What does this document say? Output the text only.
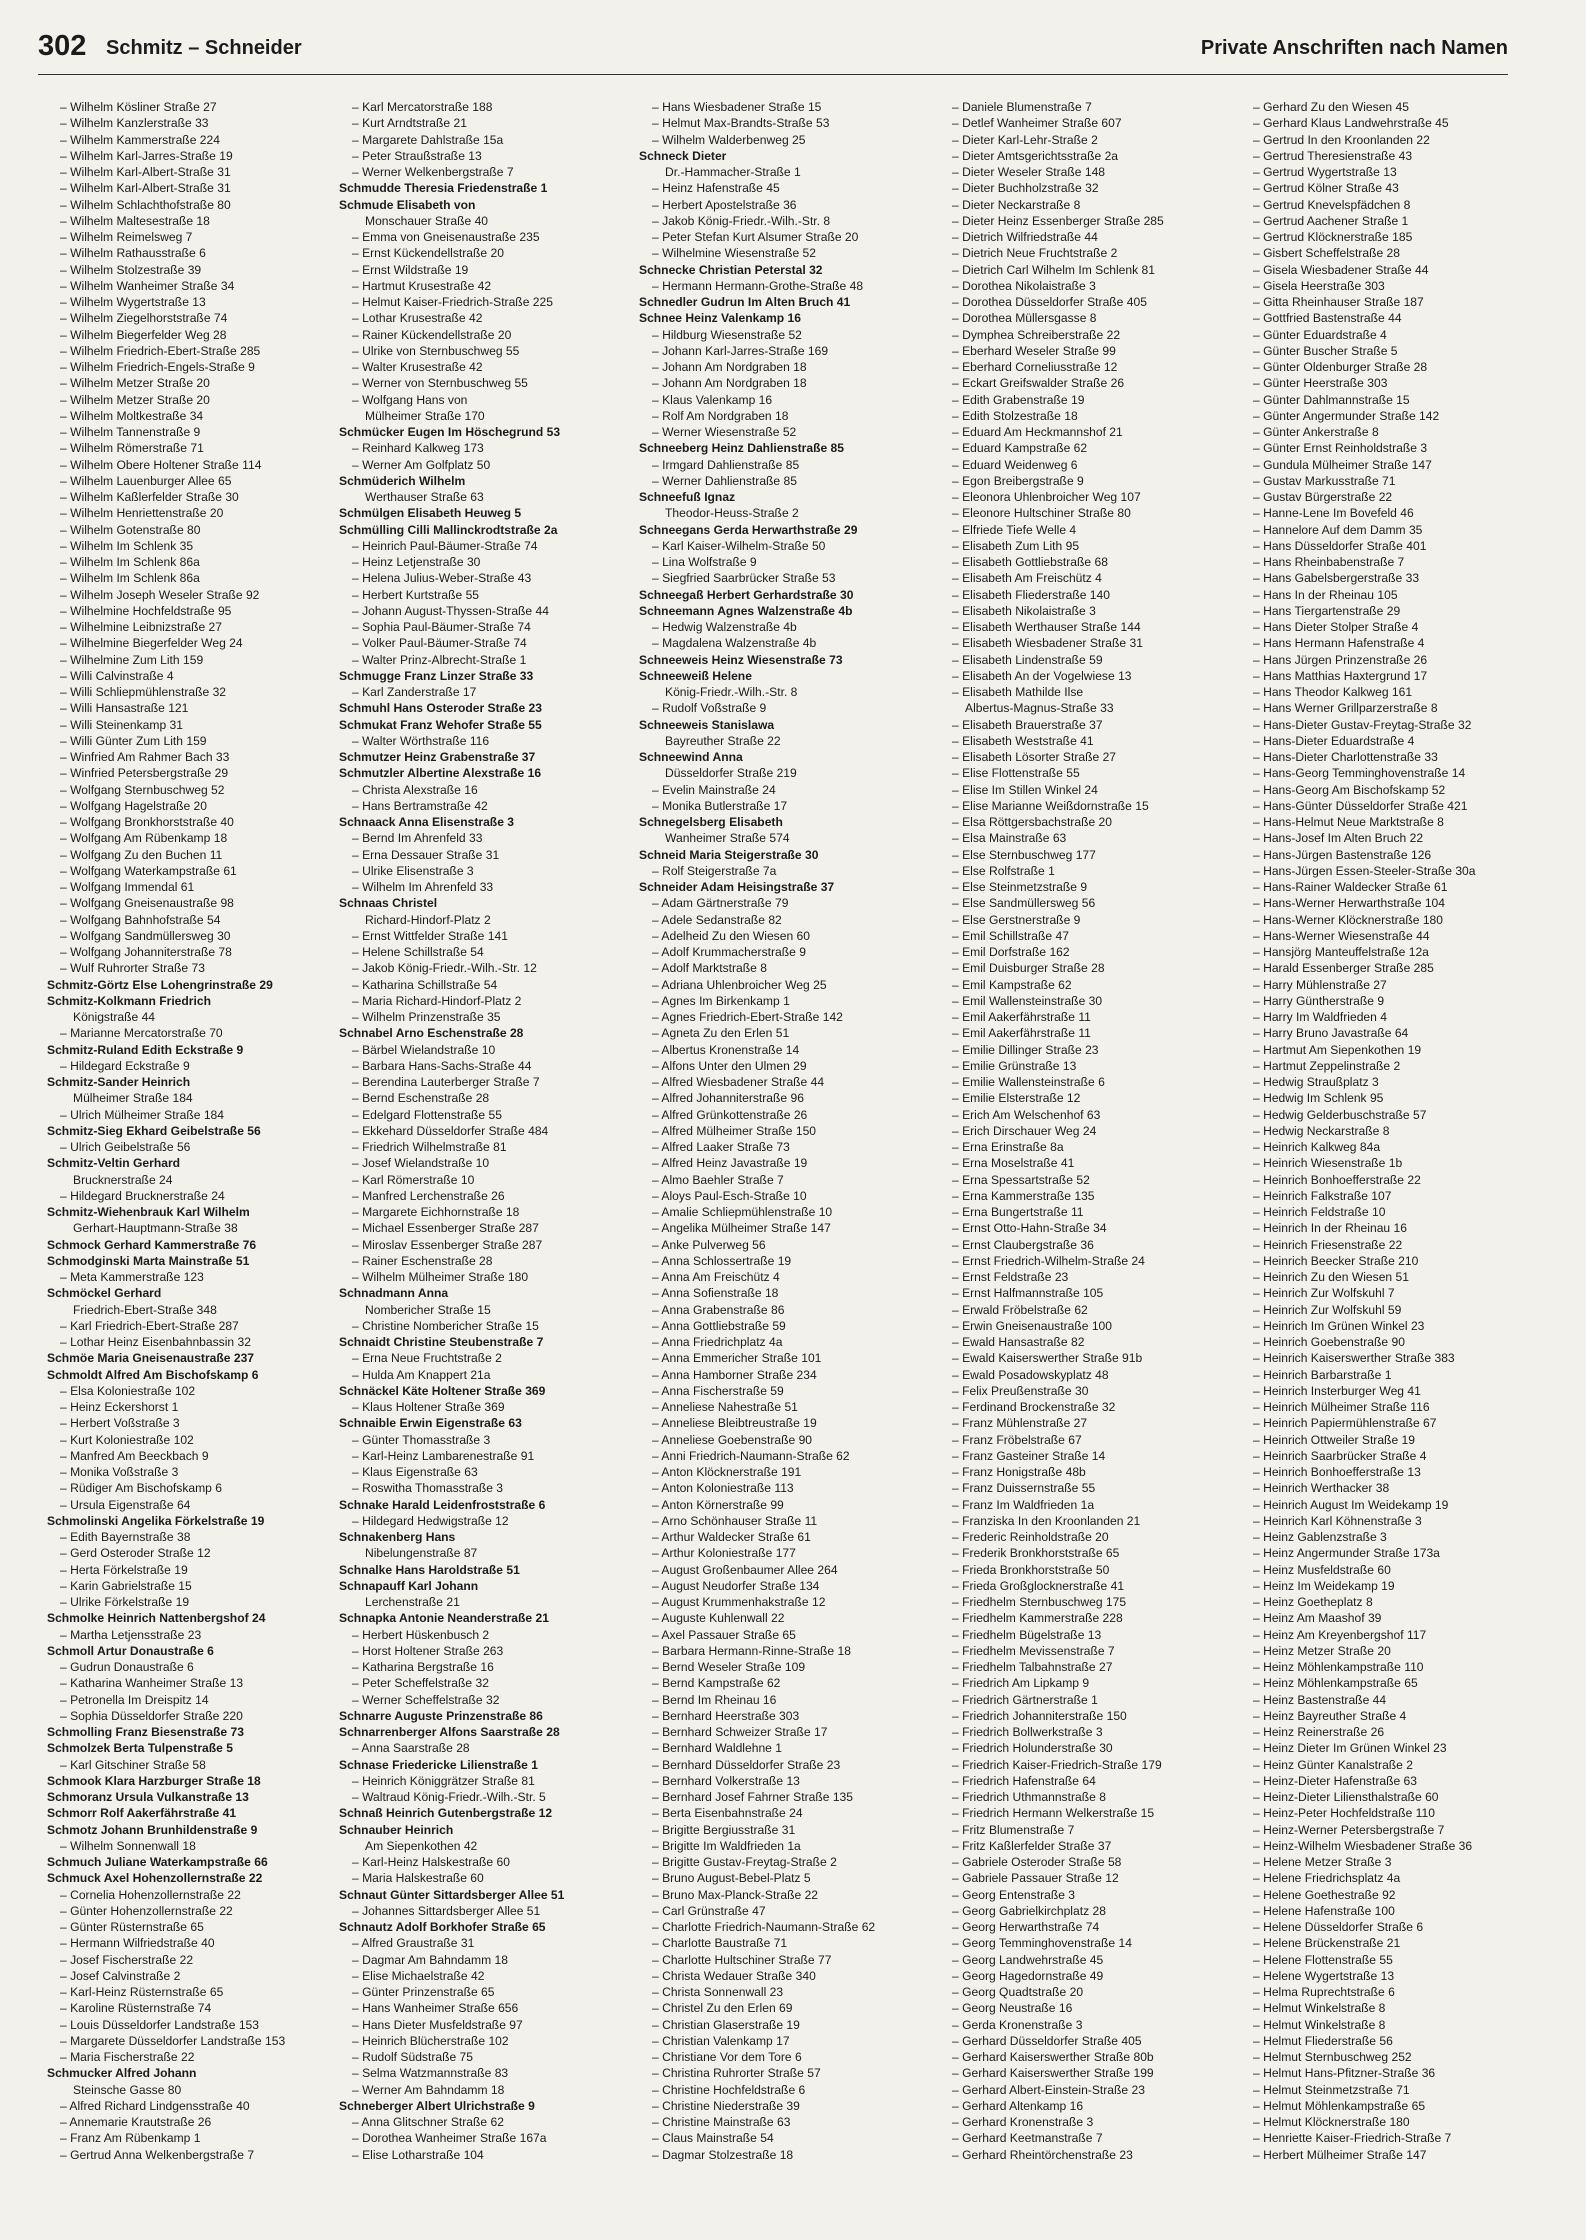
302 Schmitz – Schneider	Private Anschriften nach Namen
– Wilhelm Kösliner Straße 27
– Wilhelm Kanzlerstraße 33
– Wilhelm Kammerstraße 224
– Wilhelm Karl-Jarres-Straße 19
– Wilhelm Karl-Albert-Straße 31
– Wilhelm Karl-Albert-Straße 31
– Wilhelm Schlachthofstraße 80
– Wilhelm Maltesestraße 18
– Wilhelm Reimelsweg 7
– Wilhelm Rathausstraße 6
– Wilhelm Stolzestraße 39
– Wilhelm Wanheimer Straße 34
– Wilhelm Wygertstraße 13
– Wilhelm Ziegelhorststraße 74
– Wilhelm Biegerfelder Weg 28
– Wilhelm Friedrich-Ebert-Straße 285
– Wilhelm Friedrich-Engels-Straße 9
– Wilhelm Metzer Straße 20
– Wilhelm Metzer Straße 20
– Wilhelm Moltkestraße 34
– Wilhelm Tannenstraße 9
– Wilhelm Römerstraße 71
– Wilhelm Obere Holtener Straße 114
– Wilhelm Lauenburger Allee 65
– Wilhelm Kaßlerfelder Straße 30
– Wilhelm Henriettenstraße 20
– Wilhelm Gotenstraße 80
– Wilhelm Im Schlenk 35
– Wilhelm Im Schlenk 86a
– Wilhelm Im Schlenk 86a
– Wilhelm Joseph Weseler Straße 92
– Wilhelmine Hochfeldstraße 95
– Wilhelmine Leibnizstraße 27
– Wilhelmine Biegerfelder Weg 24
– Wilhelmine Zum Lith 159
– Willi Calvinstraße 4
– Willi Schliepmühlenstraße 32
– Willi Hansastraße 121
– Willi Steinenkamp 31
– Willi Günter Zum Lith 159
– Winfried Am Rahmer Bach 33
– Winfried Petersbergstraße 29
– Wolfgang Sternbuschweg 52
– Wolfgang Hagelstraße 20
– Wolfgang Bronkhorststraße 40
– Wolfgang Am Rübenkamp 18
– Wolfgang Zu den Buchen 11
– Wolfgang Waterkampstraße 61
– Wolfgang Immendal 61
– Wolfgang Gneisenaustraße 98
– Wolfgang Bahnhofstraße 54
– Wolfgang Sandmüllersweg 30
– Wolfgang Johanniterstraße 78
– Wulf Ruhrorter Straße 73
Schmitz-Görtz Else Lohengrinstraße 29
Schmitz-Kolkmann Friedrich
Königstraße 44
– Marianne Mercatorstraße 70
Schmitz-Ruland Edith Eckstraße 9
– Hildegard Eckstraße 9
Schmitz-Sander Heinrich
Mülheimer Straße 184
– Ulrich Mülheimer Straße 184
Schmitz-Sieg Ekhard Geibelstraße 56
– Ulrich Geibelstraße 56
Schmitz-Veltin Gerhard
Brucknerstraße 24
– Hildegard Brucknerstraße 24
Schmitz-Wiehenbrauk Karl Wilhelm
Gerhart-Hauptmann-Straße 38
Schmock Gerhard Kammerstraße 76
Schmodginski Marta Mainstraße 51
– Meta Kammerstraße 123
Schmöckel Gerhard
Friedrich-Ebert-Straße 348
– Karl Friedrich-Ebert-Straße 287
– Lothar Heinz Eisenbahnbassin 32
Schmöe Maria Gneisenaustraße 237
Schmoldt Alfred Am Bischofskamp 6
– Elsa Koloniestraße 102
– Heinz Eckershorst 1
– Herbert Voßstraße 3
– Kurt Koloniestraße 102
– Manfred Am Beeckbach 9
– Monika Voßstraße 3
– Rüdiger Am Bischofskamp 6
– Ursula Eigenstraße 64
Schmolinski Angelika Förkelstraße 19
– Edith Bayernstraße 38
– Gerd Osteroder Straße 12
– Herta Förkelstraße 19
– Karin Gabrielstraße 15
– Ulrike Förkelstraße 19
Schmolke Heinrich Nattenbergshof 24
– Martha Letjensstraße 23
Schmoll Artur Donaustraße 6
– Gudrun Donaustraße 6
– Katharina Wanheimer Straße 13
– Petronella Im Dreispitz 14
– Sophia Düsseldorfer Straße 220
Schmolling Franz Biesenstraße 73
Schmolzek Berta Tulpenstraße 5
– Karl Gitschiner Straße 58
Schmook Klara Harzburger Straße 18
Schmoranz Ursula Vulkanstraße 13
Schmorr Rolf Aakerfährstraße 41
Schmotz Johann Brunhildenstraße 9
– Wilhelm Sonnenwall 18
Schmuch Juliane Waterkampstraße 66
Schmuck Axel Hohenzollernstraße 22
– Cornelia Hohenzollernstraße 22
– Günter Hohenzollernstraße 22
– Günter Rüsternstraße 65
– Hermann Wilfriedstraße 40
– Josef Fischerstraße 22
– Josef Calvinstraße 2
– Karl-Heinz Rüsternstraße 65
– Karoline Rüsternstraße 74
– Louis Düsseldorfer Landstraße 153
– Margarete Düsseldorfer Landstraße 153
– Maria Fischerstraße 22
Schmucker Alfred Johann
Steinsche Gasse 80
– Alfred Richard Lindgensstraße 40
– Annemarie Krautstraße 26
– Franz Am Rübenkamp 1
– Gertrud Anna Welkenbergstraße 7
– Karl Mercatorstraße 188
– Kurt Arndtstraße 21
– Margarete Dahlstraße 15a
– Peter Straußstraße 13
– Werner Welkenbergstraße 7
Schmudde Theresia Friedenstraße 1
Schmude Elisabeth von
Monschauer Straße 40
– Emma von Gneisenaustraße 235
– Ernst Kückendellstraße 20
– Ernst Wildstraße 19
– Hartmut Krusestraße 42
– Helmut Kaiser-Friedrich-Straße 225
– Lothar Krusestraße 42
– Rainer Kückendellstraße 20
– Ulrike von Sternbuschweg 55
– Walter Krusestraße 42
– Werner von Sternbuschweg 55
– Wolfgang Hans von
Mülheimer Straße 170
Schmücker Eugen Im Höschegrund 53
– Reinhard Kalkweg 173
– Werner Am Golfplatz 50
Schmüderich Wilhelm
Werthauser Straße 63
Schmülgen Elisabeth Heuweg 5
Schmülling Cilli Mallinckrodtstraße 2a
– Heinrich Paul-Bäumer-Straße 74
– Heinz Letjenstraße 30
– Helena Julius-Weber-Straße 43
– Herbert Kurtstraße 55
– Johann August-Thyssen-Straße 44
– Sophia Paul-Bäumer-Straße 74
– Volker Paul-Bäumer-Straße 74
– Walter Prinz-Albrecht-Straße 1
Schmugge Franz Linzer Straße 33
– Karl Zanderstraße 17
Schmuhl Hans Osteroder Straße 23
Schmukat Franz Wehofer Straße 55
– Walter Wörthstraße 116
Schmutzer Heinz Grabenstraße 37
Schmutzler Albertine Alexstraße 16
– Christa Alexstraße 16
– Hans Bertramstraße 42
Schnaack Anna Elisenstraße 3
– Bernd Im Ahrenfeld 33
– Erna Dessauer Straße 31
– Ulrike Elisenstraße 3
– Wilhelm Im Ahrenfeld 33
Schnaas Christel
Richard-Hindorf-Platz 2
– Ernst Wittfelder Straße 141
– Helene Schillstraße 54
– Jakob König-Friedr.-Wilh.-Str. 12
– Katharina Schillstraße 54
– Maria Richard-Hindorf-Platz 2
– Wilhelm Prinzenstraße 35
Schnabel Arno Eschenstraße 28
– Bärbel Wielandstraße 10
– Barbara Hans-Sachs-Straße 44
– Berendina Lauterberger Straße 7
– Bernd Eschenstraße 28
– Edelgard Flottenstraße 55
– Ekkehard Düsseldorfer Straße 484
– Friedrich Wilhelmstraße 81
– Josef Wielandstraße 10
– Karl Römerstraße 10
– Manfred Lerchenstraße 26
– Margarete Eichhornstraße 18
– Michael Essenberger Straße 287
– Miroslav Essenberger Straße 287
– Rainer Eschenstraße 28
– Wilhelm Mülheimer Straße 180
Schnadmann Anna
Nombericher Straße 15
– Christine Nombericher Straße 15
Schnaidt Christine Steubenstraße 7
– Erna Neue Fruchtstraße 2
– Hulda Am Knappert 21a
Schnäckel Käte Holtener Straße 369
– Klaus Holtener Straße 369
Schnaible Erwin Eigenstraße 63
– Günter Thomasstraße 3
– Karl-Heinz Lambarenestraße 91
– Klaus Eigenstraße 63
– Roswitha Thomasstraße 3
Schnake Harald Leidenfroststraße 6
– Hildegard Hedwigstraße 12
Schnakenberg Hans
Nibelungenstraße 87
Schnalke Hans Haroldstraße 51
Schnapauff Karl Johann
Lerchenstraße 21
Schnapka Antonie Neanderstraße 21
– Herbert Hüskenbusch 2
– Horst Holtener Straße 263
– Katharina Bergstraße 16
– Peter Scheffelstraße 32
– Werner Scheffelstraße 32
Schnarre Auguste Prinzenstraße 86
Schnarrenberger Alfons Saarstraße 28
– Anna Saarstraße 28
Schnase Friedericke Lilienstraße 1
– Heinrich Königgrätzer Straße 81
– Waltraud König-Friedr.-Wilh.-Str. 5
Schnaß Heinrich Gutenbergstraße 12
Schnauber Heinrich
Am Siepenkothen 42
– Karl-Heinz Halskestraße 60
– Maria Halskestraße 60
Schnaut Günter Sittardsberger Allee 51
– Johannes Sittardsberger Allee 51
Schnautz Adolf Borkhofer Straße 65
– Alfred Graustraße 31
– Dagmar Am Bahndamm 18
– Elise Michaelstraße 42
– Günter Prinzenstraße 65
– Hans Wanheimer Straße 656
– Hans Dieter Musfeldstraße 97
– Heinrich Blücherstraße 102
– Rudolf Südstraße 75
– Selma Watzmannstraße 83
– Werner Am Bahndamm 18
Schneberger Albert Ulrichstraße 9
– Anna Glitschner Straße 62
– Dorothea Wanheimer Straße 167a
– Elise Lotharstraße 104
– Hans Wiesbadener Straße 15
– Helmut Max-Brandts-Straße 53
– Wilhelm Walderbenweg 25
Schneck Dieter
Dr.-Hammacher-Straße 1
– Heinz Hafenstraße 45
– Herbert Apostelstraße 36
– Jakob König-Friedr.-Wilh.-Str. 8
– Peter Stefan Kurt Alsumer Straße 20
– Wilhelmine Wiesenstraße 52
Schnecke Christian Peterstal 32
– Hermann Hermann-Grothe-Straße 48
Schnedler Gudrun Im Alten Bruch 41
Schnee Heinz Valenkamp 16
– Hildburg Wiesenstraße 52
– Johann Karl-Jarres-Straße 169
– Johann Am Nordgraben 18
– Johann Am Nordgraben 18
– Klaus Valenkamp 16
– Rolf Am Nordgraben 18
– Werner Wiesenstraße 52
Schneeberg Heinz Dahlienstraße 85
– Irmgard Dahlienstraße 85
– Werner Dahlienstraße 85
Schneefuß Ignaz
Theodor-Heuss-Straße 2
Schneegans Gerda Herwarthstraße 29
– Karl Kaiser-Wilhelm-Straße 50
– Lina Wolfstraße 9
– Siegfried Saarbrücker Straße 53
Schneegaß Herbert Gerhardstraße 30
Schneemann Agnes Walzenstraße 4b
– Hedwig Walzenstraße 4b
– Magdalena Walzenstraße 4b
Schneeweis Heinz Wiesenstraße 73
Schneeweiß Helene
König-Friedr.-Wilh.-Str. 8
– Rudolf Voßstraße 9
Schneeweis Stanislawa
Bayreuther Straße 22
Schneewind Anna
Düsseldorfer Straße 219
– Evelin Mainstraße 24
– Monika Butlerstraße 17
Schnegelsberg Elisabeth
Wanheimer Straße 574
Schneid Maria Steigerstraße 30
– Rolf Steigerstraße 7a
Schneider Adam Heisingstraße 37
– Adam Gärtnerstraße 79
– Adele Sedanstraße 82
– Adelheid Zu den Wiesen 60
– Adolf Krummacherstraße 9
– Adolf Marktstraße 8
– Adriana Uhlenbroicher Weg 25
– Agnes Im Birkenkamp 1
– Agnes Friedrich-Ebert-Straße 142
– Agneta Zu den Erlen 51
– Albertus Kronenstraße 14
– Alfons Unter den Ulmen 29
– Alfred Wiesbadener Straße 44
– Alfred Johanniterstraße 96
– Alfred Grünkottenstraße 26
– Alfred Mülheimer Straße 150
– Alfred Laaker Straße 73
– Alfred Heinz Javastraße 19
– Almo Baehler Straße 7
– Aloys Paul-Esch-Straße 10
– Amalie Schliepmühlenstraße 10
– Angelika Mülheimer Straße 147
– Anke Pulverweg 56
– Anna Schlossertraße 19
– Anna Am Freischütz 4
– Anna Sofienstraße 18
– Anna Grabenstraße 86
– Anna Gottliebstraße 59
– Anna Friedrichplatz 4a
– Anna Emmericher Straße 101
– Anna Hamborner Straße 234
– Anna Fischerstraße 59
– Anneliese Nahestraße 51
– Anneliese Bleibtreustraße 19
– Anneliese Goebenstraße 90
– Anni Friedrich-Naumann-Straße 62
– Anton Klöcknerstraße 191
– Anton Koloniestraße 113
– Anton Körnerstraße 99
– Arno Schönhauser Straße 11
– Arthur Waldecker Straße 61
– Arthur Koloniestraße 177
– August Großenbaumer Allee 264
– August Neudorfer Straße 134
– August Krummenhakstraße 12
– Auguste Kuhlenwall 22
– Axel Passauer Straße 65
– Barbara Hermann-Rinne-Straße 18
– Bernd Weseler Straße 109
– Bernd Kampstraße 62
– Bernd Im Rheinau 16
– Bernhard Heerstraße 303
– Bernhard Schweizer Straße 17
– Bernhard Waldlehne 1
– Bernhard Düsseldorfer Straße 23
– Bernhard Volkerstraße 13
– Bernhard Josef Fahrner Straße 135
– Berta Eisenbahnstraße 24
– Brigitte Bergiusstraße 31
– Brigitte Im Waldfrieden 1a
– Brigitte Gustav-Freytag-Straße 2
– Bruno August-Bebel-Platz 5
– Bruno Max-Planck-Straße 22
– Carl Grünstraße 47
– Charlotte Friedrich-Naumann-Straße 62
– Charlotte Baustraße 71
– Charlotte Hultschiner Straße 77
– Christa Wedauer Straße 340
– Christa Sonnenwall 23
– Christel Zu den Erlen 69
– Christian Glaserstraße 19
– Christian Valenkamp 17
– Christiane Vor dem Tore 6
– Christina Ruhrorter Straße 57
– Christine Hochfeldstraße 6
– Christine Niederstraße 39
– Christine Mainstraße 63
– Claus Mainstraße 54
– Dagmar Stolzestraße 18
– Daniele Blumenstraße 7
– Detlef Wanheimer Straße 607
– Dieter Karl-Lehr-Straße 2
– Dieter Amtsgerichtsstraße 2a
– Dieter Weseler Straße 148
– Dieter Buchholzstraße 32
– Dieter Neckarstraße 8
– Dieter Heinz Essenberger Straße 285
– Dietrich Wilfriedstraße 44
– Dietrich Neue Fruchtstraße 2
– Dietrich Carl Wilhelm Im Schlenk 81
– Dorothea Nikolaistraße 3
– Dorothea Düsseldorfer Straße 405
– Dorothea Müllersgasse 8
– Dymphea Schreiberstraße 22
– Eberhard Weseler Straße 99
– Eberhard Corneliusstraße 12
– Eckart Greifswalder Straße 26
– Edith Grabenstraße 19
– Edith Stolzestraße 18
– Eduard Am Heckmannshof 21
– Eduard Kampstraße 62
– Eduard Weidenweg 6
– Egon Breibergstraße 9
– Eleonora Uhlenbroicher Weg 107
– Eleonore Hultschiner Straße 80
– Elfriede Tiefe Welle 4
– Elisabeth Zum Lith 95
– Elisabeth Gottliebstraße 68
– Elisabeth Am Freischütz 4
– Elisabeth Fliederstraße 140
– Elisabeth Nikolaistraße 3
– Elisabeth Werthauser Straße 144
– Elisabeth Wiesbadener Straße 31
– Elisabeth Lindenstraße 59
– Elisabeth An der Vogelwiese 13
– Elisabeth Mathilde Ilse
Albertus-Magnus-Straße 33
– Elisabeth Brauerstraße 37
– Elisabeth Weststraße 41
– Elisabeth Lösorter Straße 27
– Elise Flottenstraße 55
– Elise Im Stillen Winkel 24
– Elise Marianne Weißdornstraße 15
– Elsa Röttgersbachstraße 20
– Elsa Mainstraße 63
– Else Sternbuschweg 177
– Else Rolfstraße 1
– Else Steinmetzstraße 9
– Else Sandmüllersweg 56
– Else Gerstnerstraße 9
– Emil Schillstraße 47
– Emil Dorfstraße 162
– Emil Duisburger Straße 28
– Emil Kampstraße 62
– Emil Wallensteinstraße 30
– Emil Aakerfährstraße 11
– Emil Aakerfährstraße 11
– Emilie Dillinger Straße 23
– Emilie Grünstraße 13
– Emilie Wallensteinstraße 6
– Emilie Elsterstraße 12
– Erich Am Welschenhof 63
– Erich Dirschauer Weg 24
– Erna Erinstraße 8a
– Erna Moselstraße 41
– Erna Spessartstraße 52
– Erna Kammerstraße 135
– Erna Bungertstraße 11
– Ernst Otto-Hahn-Straße 34
– Ernst Claubergstraße 36
– Ernst Friedrich-Wilhelm-Straße 24
– Ernst Feldstraße 23
– Ernst Halfmannstraße 105
– Erwald Fröbelstraße 62
– Erwin Gneisenaustraße 100
– Ewald Hansastraße 82
– Ewald Kaiserswerther Straße 91b
– Ewald Posadowskyplatz 48
– Felix Preußenstraße 30
– Ferdinand Brockenstraße 32
– Franz Mühlenstraße 27
– Franz Fröbelstraße 67
– Franz Gasteiner Straße 14
– Franz Honigstraße 48b
– Franz Duissernstraße 55
– Franz Im Waldfrieden 1a
– Franziska In den Kroonlanden 21
– Frederic Reinholdstraße 20
– Frederik Bronkhorststraße 65
– Frieda Bronkhorststraße 50
– Frieda Großglocknerstraße 41
– Friedhelm Sternbuschweg 175
– Friedhelm Kammerstraße 228
– Friedhelm Bügelstraße 13
– Friedhelm Mevissenstraße 7
– Friedhelm Talbahnstraße 27
– Friedrich Am Lipkamp 9
– Friedrich Gärtnerstraße 1
– Friedrich Johanniterstraße 150
– Friedrich Bollwerkstraße 3
– Friedrich Holunderstraße 30
– Friedrich Kaiser-Friedrich-Straße 179
– Friedrich Hafenstraße 64
– Friedrich Uthmannstraße 8
– Friedrich Hermann Welkerstraße 15
– Fritz Blumenstraße 7
– Fritz Kaßlerfelder Straße 37
– Gabriele Osteroder Straße 58
– Gabriele Passauer Straße 12
– Georg Entenstraße 3
– Georg Gabrielkirchplatz 28
– Georg Herwarthstraße 74
– Georg Temminghovenstraße 14
– Georg Landwehrstraße 45
– Georg Hagedornstraße 49
– Georg Quadtstraße 20
– Georg Neustraße 16
– Gerda Kronenstraße 3
– Gerhard Düsseldorfer Straße 405
– Gerhard Kaiserswerther Straße 80b
– Gerhard Kaiserswerther Straße 199
– Gerhard Albert-Einstein-Straße 23
– Gerhard Altenkamp 16
– Gerhard Kronenstraße 3
– Gerhard Keetmanstraße 7
– Gerhard Rheintörchenstraße 23
– Gerhard Zu den Wiesen 45
– Gerhard Klaus Landwehrstraße 45
– Gertrud In den Kroonlanden 22
– Gertrud Theresienstraße 43
– Gertrud Wygertstraße 13
– Gertrud Kölner Straße 43
– Gertrud Knevelspfädchen 8
– Gertrud Aachener Straße 1
– Gertrud Klöcknerstraße 185
– Gisbert Scheffelstraße 28
– Gisela Wiesbadener Straße 44
– Gisela Heerstraße 303
– Gitta Rheinhauser Straße 187
– Gottfried Bastenstraße 44
– Günter Eduardstraße 4
– Günter Buscher Straße 5
– Günter Oldenburger Straße 28
– Günter Heerstraße 303
– Günter Dahlmannstraße 15
– Günter Angermunder Straße 142
– Günter Ankerstraße 8
– Günter Ernst Reinholdstraße 3
– Gundula Mülheimer Straße 147
– Gustav Markusstraße 71
– Gustav Bürgerstraße 22
– Hanne-Lene Im Bovefeld 46
– Hannelore Auf dem Damm 35
– Hans Düsseldorfer Straße 401
– Hans Rheinbabenstraße 7
– Hans Gabelsbergerstraße 33
– Hans In der Rheinau 105
– Hans Tiergartenstraße 29
– Hans Dieter Stolper Straße 4
– Hans Hermann Hafenstraße 4
– Hans Jürgen Prinzenstraße 26
– Hans Matthias Haxtergrund 17
– Hans Theodor Kalkweg 161
– Hans Werner Grillparzerstraße 8
– Hans-Dieter Gustav-Freytag-Straße 32
– Hans-Dieter Eduardstraße 4
– Hans-Dieter Charlottenstraße 33
– Hans-Georg Temminghovenstraße 14
– Hans-Georg Am Bischofskamp 52
– Hans-Günter Düsseldorfer Straße 421
– Hans-Helmut Neue Marktstraße 8
– Hans-Josef Im Alten Bruch 22
– Hans-Jürgen Bastenstraße 126
– Hans-Jürgen Essen-Steeler-Straße 30a
– Hans-Rainer Waldecker Straße 61
– Hans-Werner Herwarthstraße 104
– Hans-Werner Klöcknerstraße 180
– Hans-Werner Wiesenstraße 44
– Hansjörg Manteuffelstraße 12a
– Harald Essenberger Straße 285
– Harry Mühlenstraße 27
– Harry Güntherstraße 9
– Harry Im Waldfrieden 4
– Harry Bruno Javastraße 64
– Hartmut Am Siepenkothen 19
– Hartmut Zeppelinstraße 2
– Hedwig Straußplatz 3
– Hedwig Im Schlenk 95
– Hedwig Gelderbuschstraße 57
– Hedwig Neckarstraße 8
– Heinrich Kalkweg 84a
– Heinrich Wiesenstraße 1b
– Heinrich Bonhoefferstraße 22
– Heinrich Falkstraße 107
– Heinrich Feldstraße 10
– Heinrich In der Rheinau 16
– Heinrich Friesenstraße 22
– Heinrich Beecker Straße 210
– Heinrich Zu den Wiesen 51
– Heinrich Zur Wolfskuhl 7
– Heinrich Zur Wolfskuhl 59
– Heinrich Im Grünen Winkel 23
– Heinrich Goebenstraße 90
– Heinrich Kaiserswerther Straße 383
– Heinrich Barbarstraße 1
– Heinrich Insterburger Weg 41
– Heinrich Mülheimer Straße 116
– Heinrich Papiermühlenstraße 67
– Heinrich Ottweiler Straße 19
– Heinrich Saarbrücker Straße 4
– Heinrich Bonhoefferstraße 13
– Heinrich Werthacker 38
– Heinrich August Im Weidekamp 19
– Heinrich Karl Köhnenstraße 3
– Heinz Gablenzstraße 3
– Heinz Angermunder Straße 173a
– Heinz Musfeldstraße 60
– Heinz Im Weidekamp 19
– Heinz Goetheplatz 8
– Heinz Am Maashof 39
– Heinz Am Kreyenbergshof 117
– Heinz Metzer Straße 20
– Heinz Möhlenkampstraße 110
– Heinz Möhlenkampstraße 65
– Heinz Bastenstraße 44
– Heinz Bayreuther Straße 4
– Heinz Reinerstraße 26
– Heinz Dieter Im Grünen Winkel 23
– Heinz Günter Kanalstraße 2
– Heinz-Dieter Hafenstraße 63
– Heinz-Dieter Liliensthalstraße 60
– Heinz-Peter Hochfeldstraße 110
– Heinz-Werner Petersbergstraße 7
– Heinz-Wilhelm Wiesbadener Straße 36
– Helene Metzer Straße 3
– Helene Friedrichsplatz 4a
– Helene Goethestraße 92
– Helene Hafenstraße 100
– Helene Düsseldorfer Straße 6
– Helene Brückenstraße 21
– Helene Flottenstraße 55
– Helene Wygertstraße 13
– Helma Ruprechtstraße 6
– Helmut Winkelstraße 8
– Helmut Winkelstraße 8
– Helmut Fliederstraße 56
– Helmut Sternbuschweg 252
– Helmut Hans-Pfitzner-Straße 36
– Helmut Steinmetzstraße 71
– Helmut Möhlenkampstraße 65
– Helmut Klöcknerstraße 180
– Henriette Kaiser-Friedrich-Straße 7
– Herbert Mülheimer Straße 147
